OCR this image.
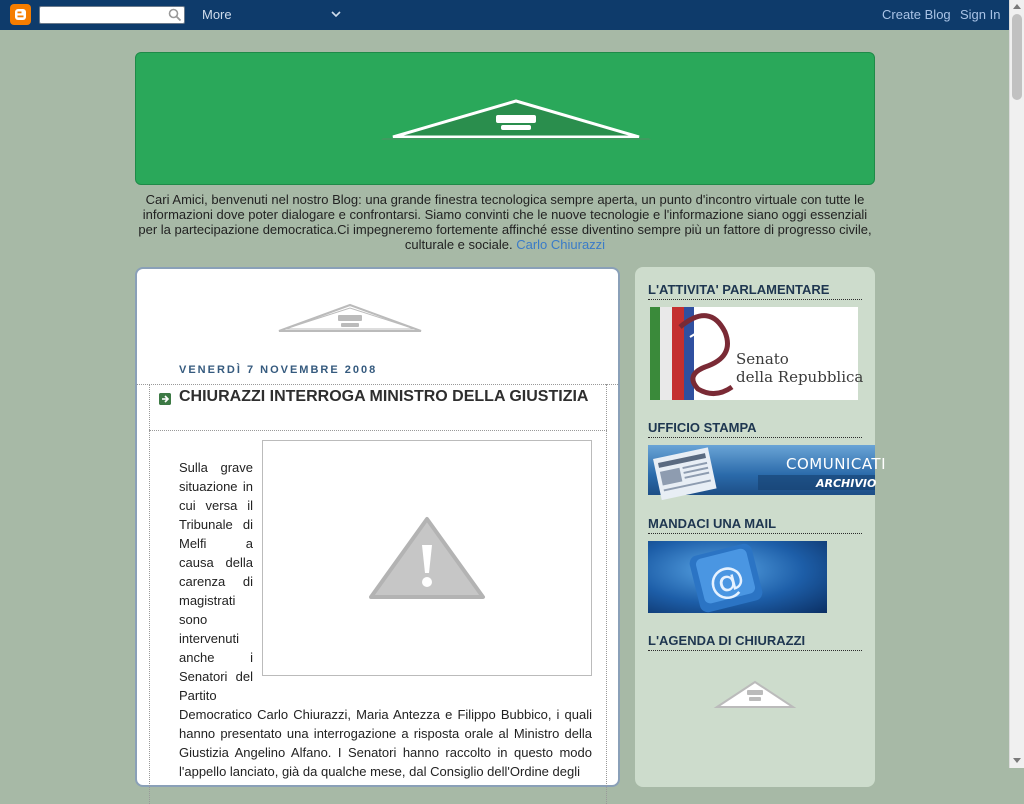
More	Create Blog Sign In
Cari Amici, benvenuti nel nostro Blog: una grande finestra tecnologica sempre aperta, un punto d'incontro virtuale con tutte le informazioni dove poter dialogare e confrontarsi. Siamo convinti che le nuove tecnologie e l'informazione siano oggi essenziali per la partecipazione democratica.Ci impegneremo fortemente affinché esse diventino sempre più un fattore di progresso civile, culturale e sociale. Carlo Chiurazzi
VENERDÌ 7 NOVEMBRE 2008
CHIURAZZI INTERROGA MINISTRO DELLA GIUSTIZIA
Sulla grave
situazione in
cui versa il
Tribunale di
Melfi a
causa della
carenza di
magistrati
sono
intervenuti
anche i
Senatori del
Partito
Democratico Carlo Chiurazzi, Maria Antezza e Filippo Bubbico, i quali hanno presentato una interrogazione a risposta orale al Ministro della Giustizia Angelino Alfano. I Senatori hanno raccolto in questo modo l'appello lanciato, già da qualche mese, dal Consiglio dell'Ordine degli
L'ATTIVITA' PARLAMENTARE
Senato
della Repubblica
UFFICIO STAMPA
COMUNICATI
ARCHIVIO
MANDACI UNA MAIL
@
L'AGENDA DI CHIURAZZI
